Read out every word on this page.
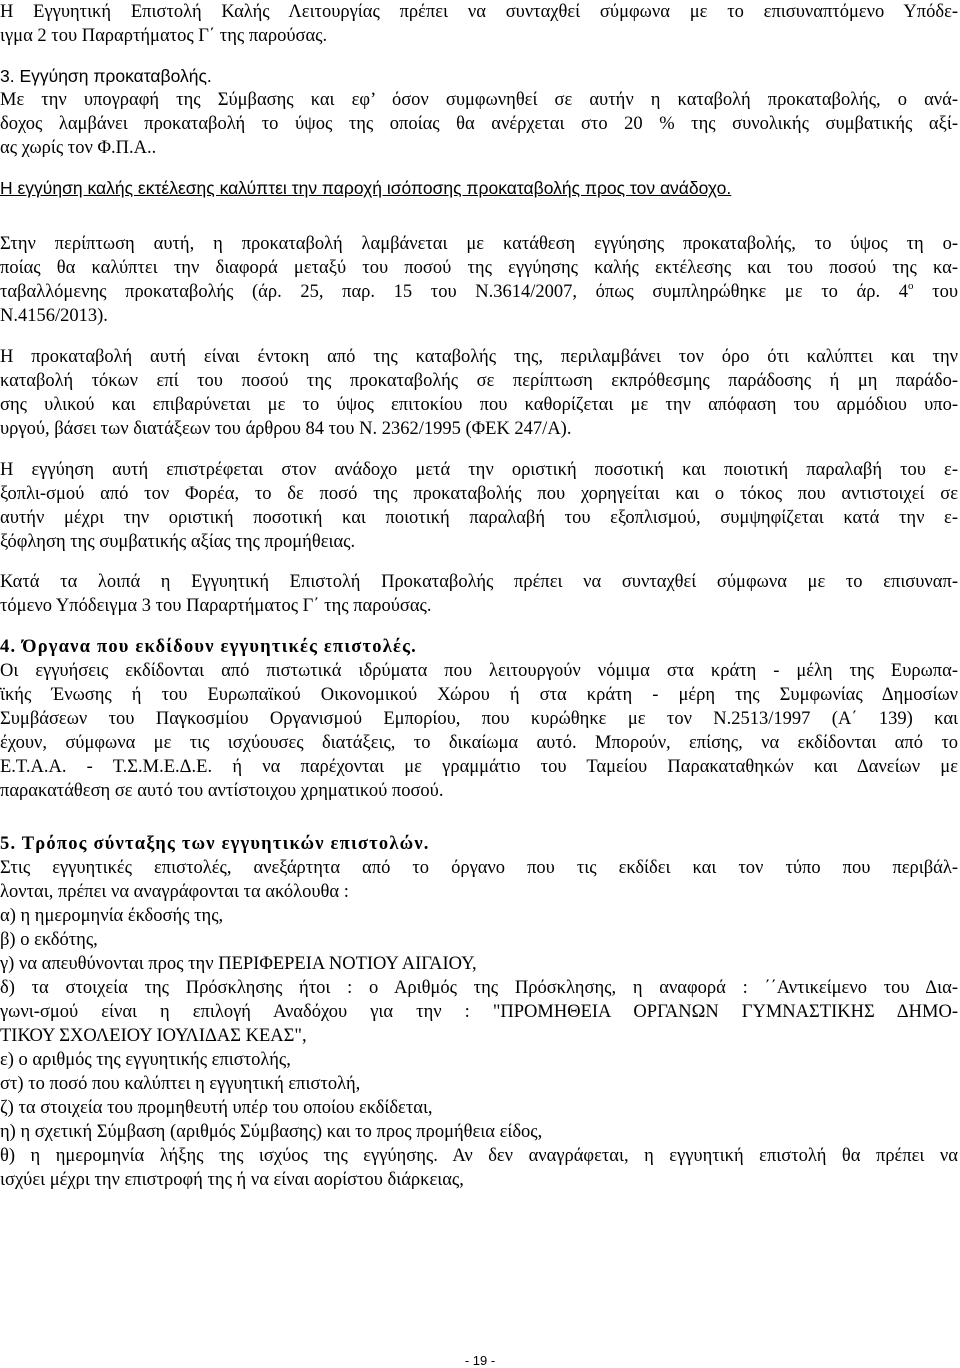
Η Εγγυητική Επιστολή Καλής Λειτουργίας πρέπει να συνταχθεί σύμφωνα με το επισυναπτόμενο Υπόδε-

ιγμα 2 του Παραρτήματος Γ΄ της παρούσας.

3. Εγγύηση προκαταβολής.

Με την υπογραφή της Σύμβασης και εφ’ όσον συμφωνηθεί σε αυτήν η καταβολή προκαταβολής, ο ανά-

δοχος λαμβάνει προκαταβολή το ύψος της οποίας θα ανέρχεται στο 20 % της συνολικής συμβατικής αξί-

ας χωρίς τον Φ.Π.Α..

Η εγγύηση καλής εκτέλεσης καλύπτει την παροχή ισόποσης προκαταβολής προς τον ανάδοχο.

Στην περίπτωση αυτή, η προκαταβολή λαμβάνεται με κατάθεση εγγύησης προκαταβολής, το ύψος τη ο-

ποίας θα καλύπτει την διαφορά μεταξύ του ποσού της εγγύησης καλής εκτέλεσης και του ποσού της κα-

ταβαλλόμενης προκαταβολής (άρ. 25, παρ. 15 του Ν.3614/2007, όπως συμπληρώθηκε με το άρ. $4^o$ του

Ν.4156/2013).

Η προκαταβολή αυτή είναι έντοκη από της καταβολής της, περιλαμβάνει τον όρο ότι καλύπτει και την

καταβολή τόκων επί του ποσού της προκαταβολής σε περίπτωση εκπρόθεσμης παράδοσης ή μη παράδο-

σης υλικού και επιβαρύνεται με το ύψος επιτοκίου που καθορίζεται με την απόφαση του αρμόδιου υπο-

υργού, βάσει των διατάξεων του άρθρου 84 του Ν. 2362/1995 (ΦΕΚ 247/Α).

Η εγγύηση αυτή επιστρέφεται στον ανάδοχο μετά την οριστική ποσοτική και ποιοτική παραλαβή του ε-

ξοπλι-σμού από τον Φορέα, το δε ποσό της προκαταβολής που χορηγείται και ο τόκος που αντιστοιχεί σε

αυτήν μέχρι την οριστική ποσοτική και ποιοτική παραλαβή του εξοπλισμού, συμψηφίζεται κατά την ε-

ξόφληση της συμβατικής αξίας της προμήθειας.

Κατά τα λοιπά η Εγγυητική Επιστολή Προκαταβολής πρέπει να συνταχθεί σύμφωνα με το επισυναπ-

τόμενο Υπόδειγμα 3 του Παραρτήματος Γ΄ της παρούσας.

4. Όργανα που εκδίδουν εγγυητικές επιστολές.

Οι εγγυήσεις εκδίδονται από πιστωτικά ιδρύματα που λειτουργούν νόμιμα στα κράτη - μέλη της Ευρωπα-

ϊκής Ένωσης ή του Ευρωπαϊκού Οικονομικού Χώρου ή στα κράτη - μέρη της Συμφωνίας Δημοσίων

Συμβάσεων του Παγκοσμίου Οργανισμού Εμπορίου, που κυρώθηκε με τον Ν.2513/1997 (Α΄ 139) και

έχουν, σύμφωνα με τις ισχύουσες διατάξεις, το δικαίωμα αυτό. Μπορούν, επίσης, να εκδίδονται από το

Ε.Τ.Α.Α. - Τ.Σ.Μ.Ε.Δ.Ε. ή να παρέχονται με γραμμάτιο του Ταμείου Παρακαταθηκών και Δανείων με

παρακατάθεση σε αυτό του αντίστοιχου χρηματικού ποσού.

5. Τρόπος σύνταξης των εγγυητικών επιστολών.

Στις εγγυητικές επιστολές, ανεξάρτητα από το όργανο που τις εκδίδει και τον τύπο που περιβάλ-

λονται, πρέπει να αναγράφονται τα ακόλουθα :

α) η ημερομηνία έκδοσής της,

β) ο εκδότης,

γ) να απευθύνονται προς την ΠΕΡΙΦΕΡΕΙΑ ΝΟΤΙΟΥ ΑΙΓΑΙΟΥ,

δ) τα στοιχεία της Πρόσκλησης ήτοι : ο Αριθμός της Πρόσκλησης, η αναφορά : ΄΄Αντικείμενο του Δια-

γωνι-σμού είναι η επιλογή Αναδόχου για την : "ΠΡΟΜΗΘΕΙΑ ΟΡΓΑΝΩΝ ΓΥΜΝΑΣΤΙΚΗΣ ΔΗΜΟ-

ΤΙΚΟΥ ΣΧΟΛΕΙΟΥ ΙΟΥΛΙΔΑΣ ΚΕΑΣ",

ε) ο αριθμός της εγγυητικής επιστολής,

στ) το ποσό που καλύπτει η εγγυητική επιστολή,

ζ) τα στοιχεία του προμηθευτή υπέρ του οποίου εκδίδεται,

η) η σχετική Σύμβαση (αριθμός Σύμβασης) και το προς προμήθεια είδος,

θ) η ημερομηνία λήξης της ισχύος της εγγύησης. Αν δεν αναγράφεται, η εγγυητική επιστολή θα πρέπει να

ισχύει μέχρι την επιστροφή της ή να είναι αορίστου διάρκειας,

- 19 -
